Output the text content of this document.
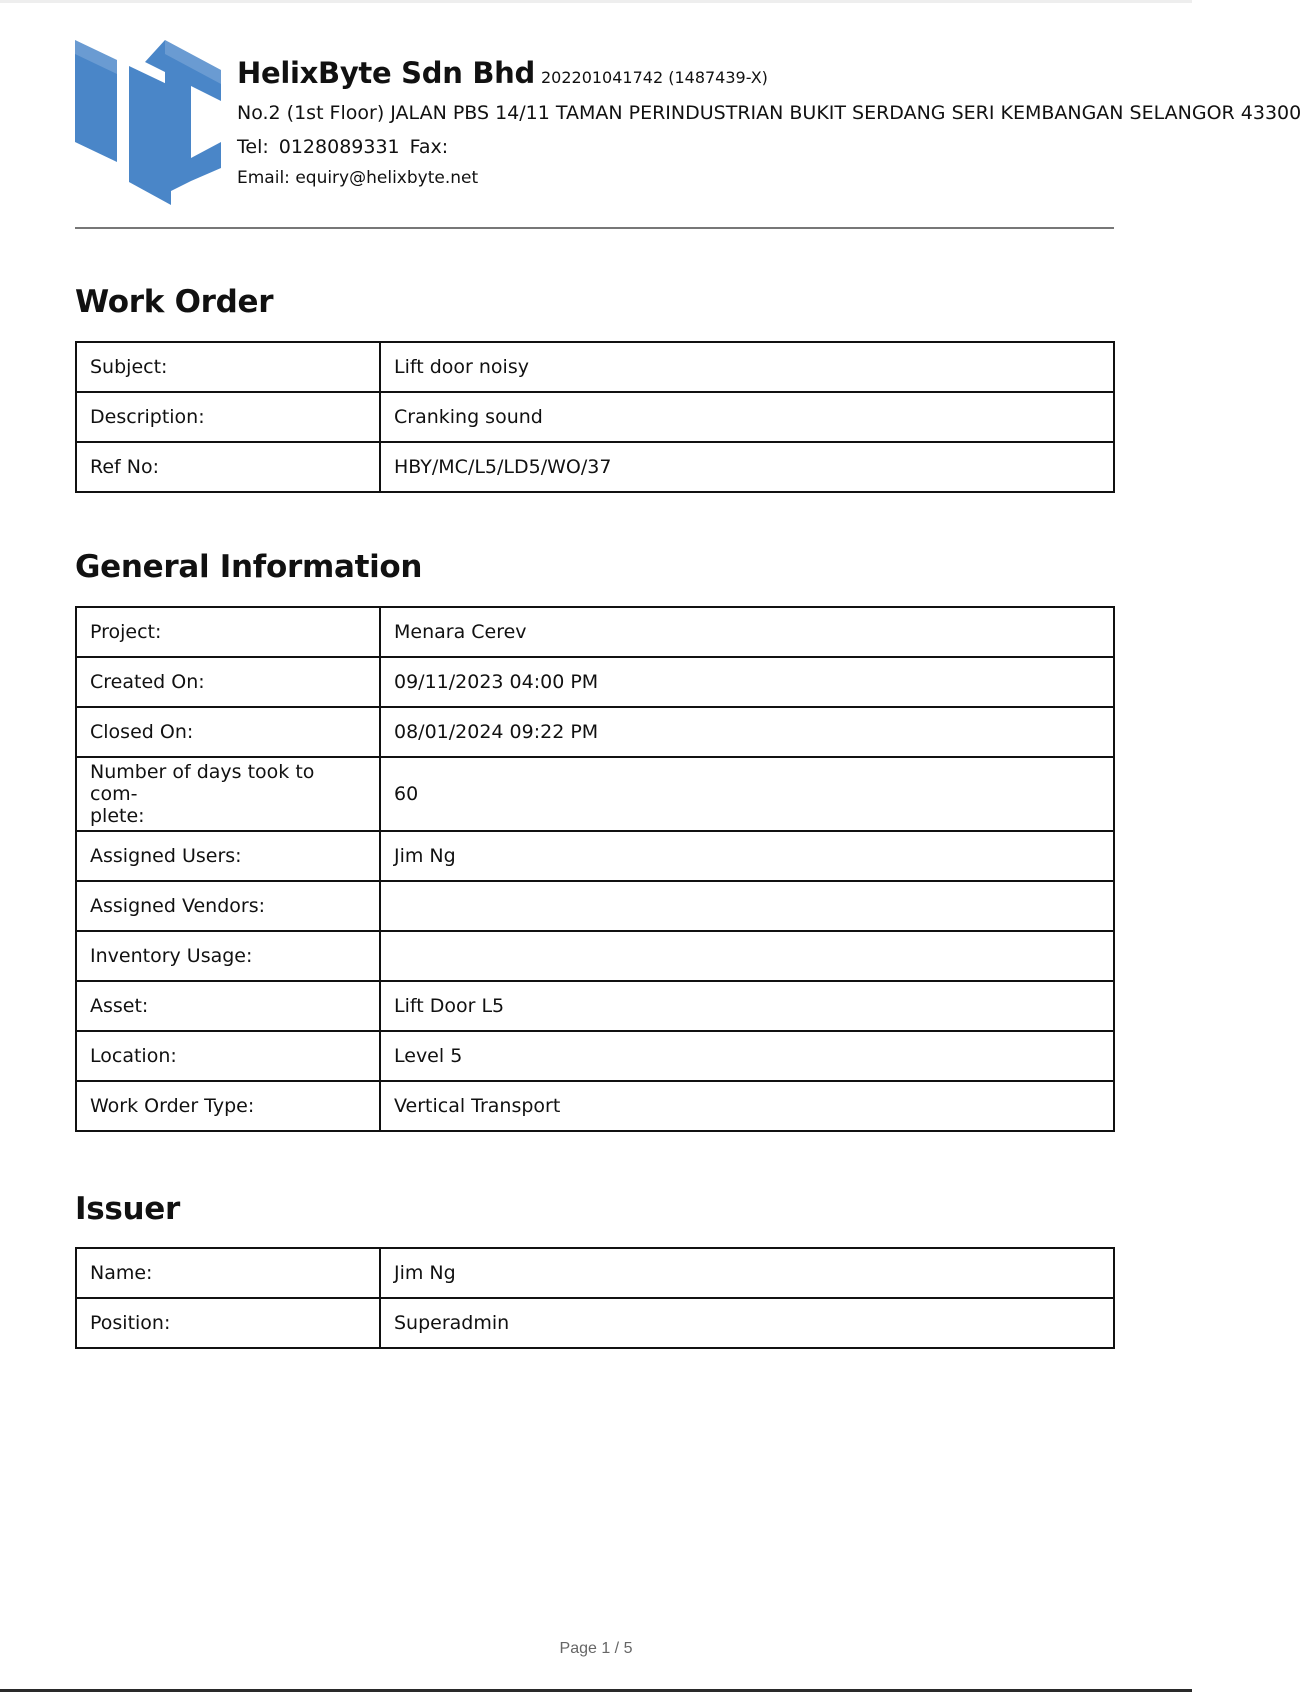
HelixByte Sdn Bhd 202201041742 (1487439-X)
No.2 (1st Floor) JALAN PBS 14/11 TAMAN PERINDUSTRIAN BUKIT SERDANG SERI KEMBANGAN SELANGOR 43300
Tel: 0128089331 Fax:
Email: equiry@helixbyte.net
Work Order
Subject:	Lift door noisy
Description:	Cranking sound
Ref No:	HBY/MC/L5/LD5/WO/37
General Information
Project:	Menara Cerev
Created On:	09/11/2023 04:00 PM
Closed On:	08/01/2024 09:22 PM
Number of days took to com-
plete:	60
Assigned Users:	Jim Ng
Assigned Vendors:	
Inventory Usage:	
Asset:	Lift Door L5
Location:	Level 5
Work Order Type:	Vertical Transport
Issuer
Name:	Jim Ng
Position:	Superadmin
Page 1 / 5
